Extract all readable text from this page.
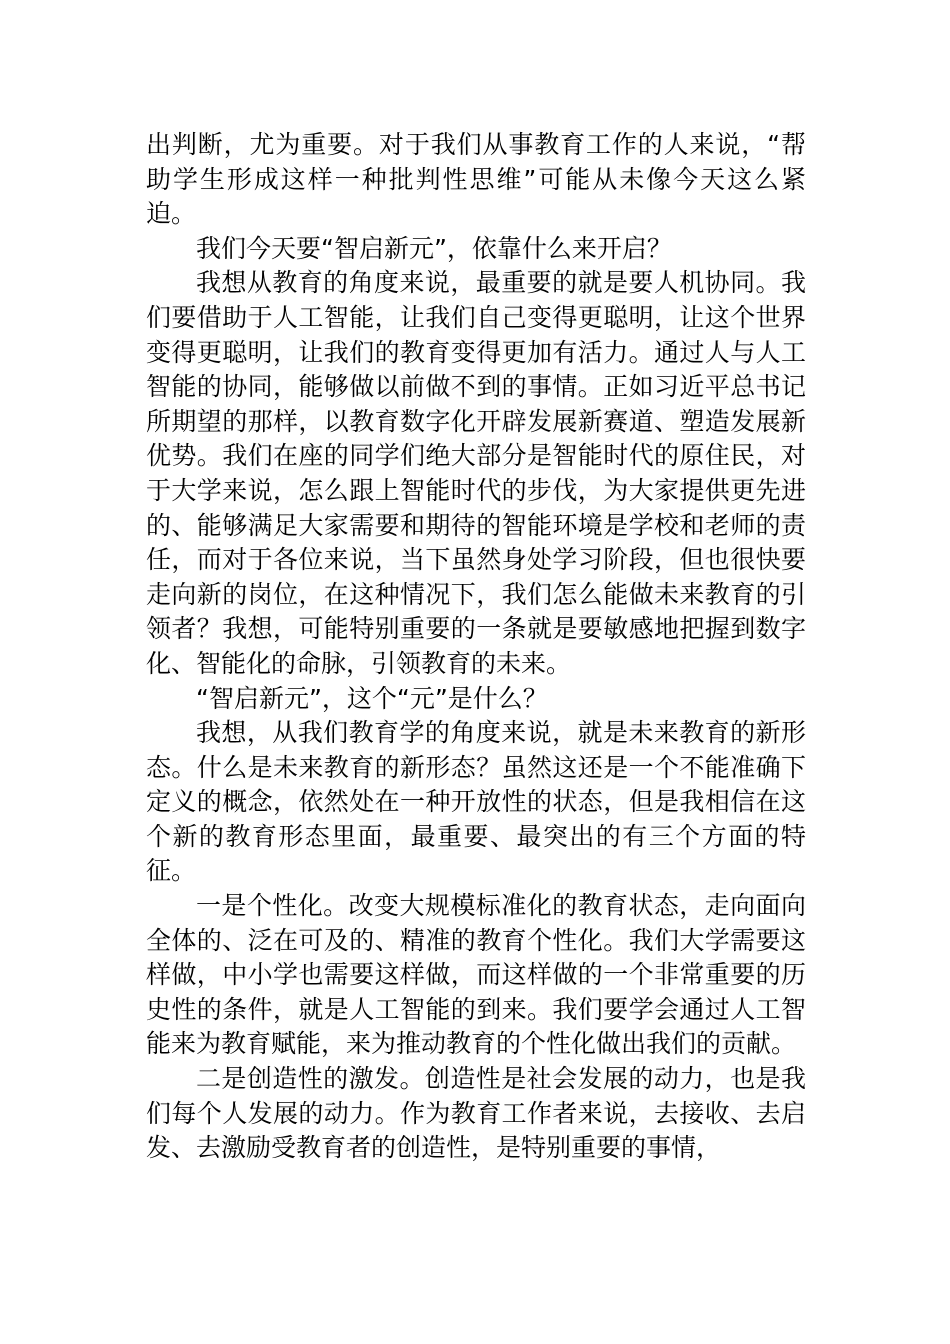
出判断，尤为重要。对于我们从事教育工作的人来说，“帮助学生形成这样一种批判性思维”可能从未像今天这么紧迫。

我们今天要“智启新元”，依靠什么来开启？

我想从教育的角度来说，最重要的就是要人机协同。我们要借助于人工智能，让我们自己变得更聪明，让这个世界变得更聪明，让我们的教育变得更加有活力。通过人与人工智能的协同，能够做以前做不到的事情。正如习近平总书记所期望的那样，以教育数字化开辟发展新赛道、塑造发展新优势。我们在座的同学们绝大部分是智能时代的原住民，对于大学来说，怎么跟上智能时代的步伐，为大家提供更先进的、能够满足大家需要和期待的智能环境是学校和老师的责任，而对于各位来说，当下虽然身处学习阶段，但也很快要走向新的岗位，在这种情况下，我们怎么能做未来教育的引领者？我想，可能特别重要的一条就是要敏感地把握到数字化、智能化的命脉，引领教育的未来。

“智启新元”，这个“元”是什么？

我想，从我们教育学的角度来说，就是未来教育的新形态。什么是未来教育的新形态？虽然这还是一个不能准确下定义的概念，依然处在一种开放性的状态，但是我相信在这个新的教育形态里面，最重要、最突出的有三个方面的特征。

一是个性化。改变大规模标准化的教育状态，走向面向全体的、泛在可及的、精准的教育个性化。我们大学需要这样做，中小学也需要这样做，而这样做的一个非常重要的历史性的条件，就是人工智能的到来。我们要学会通过人工智能来为教育赋能，来为推动教育的个性化做出我们的贡献。

二是创造性的激发。创造性是社会发展的动力，也是我们每个人发展的动力。作为教育工作者来说，去接收、去启发、去激励受教育者的创造性，是特别重要的事情，
